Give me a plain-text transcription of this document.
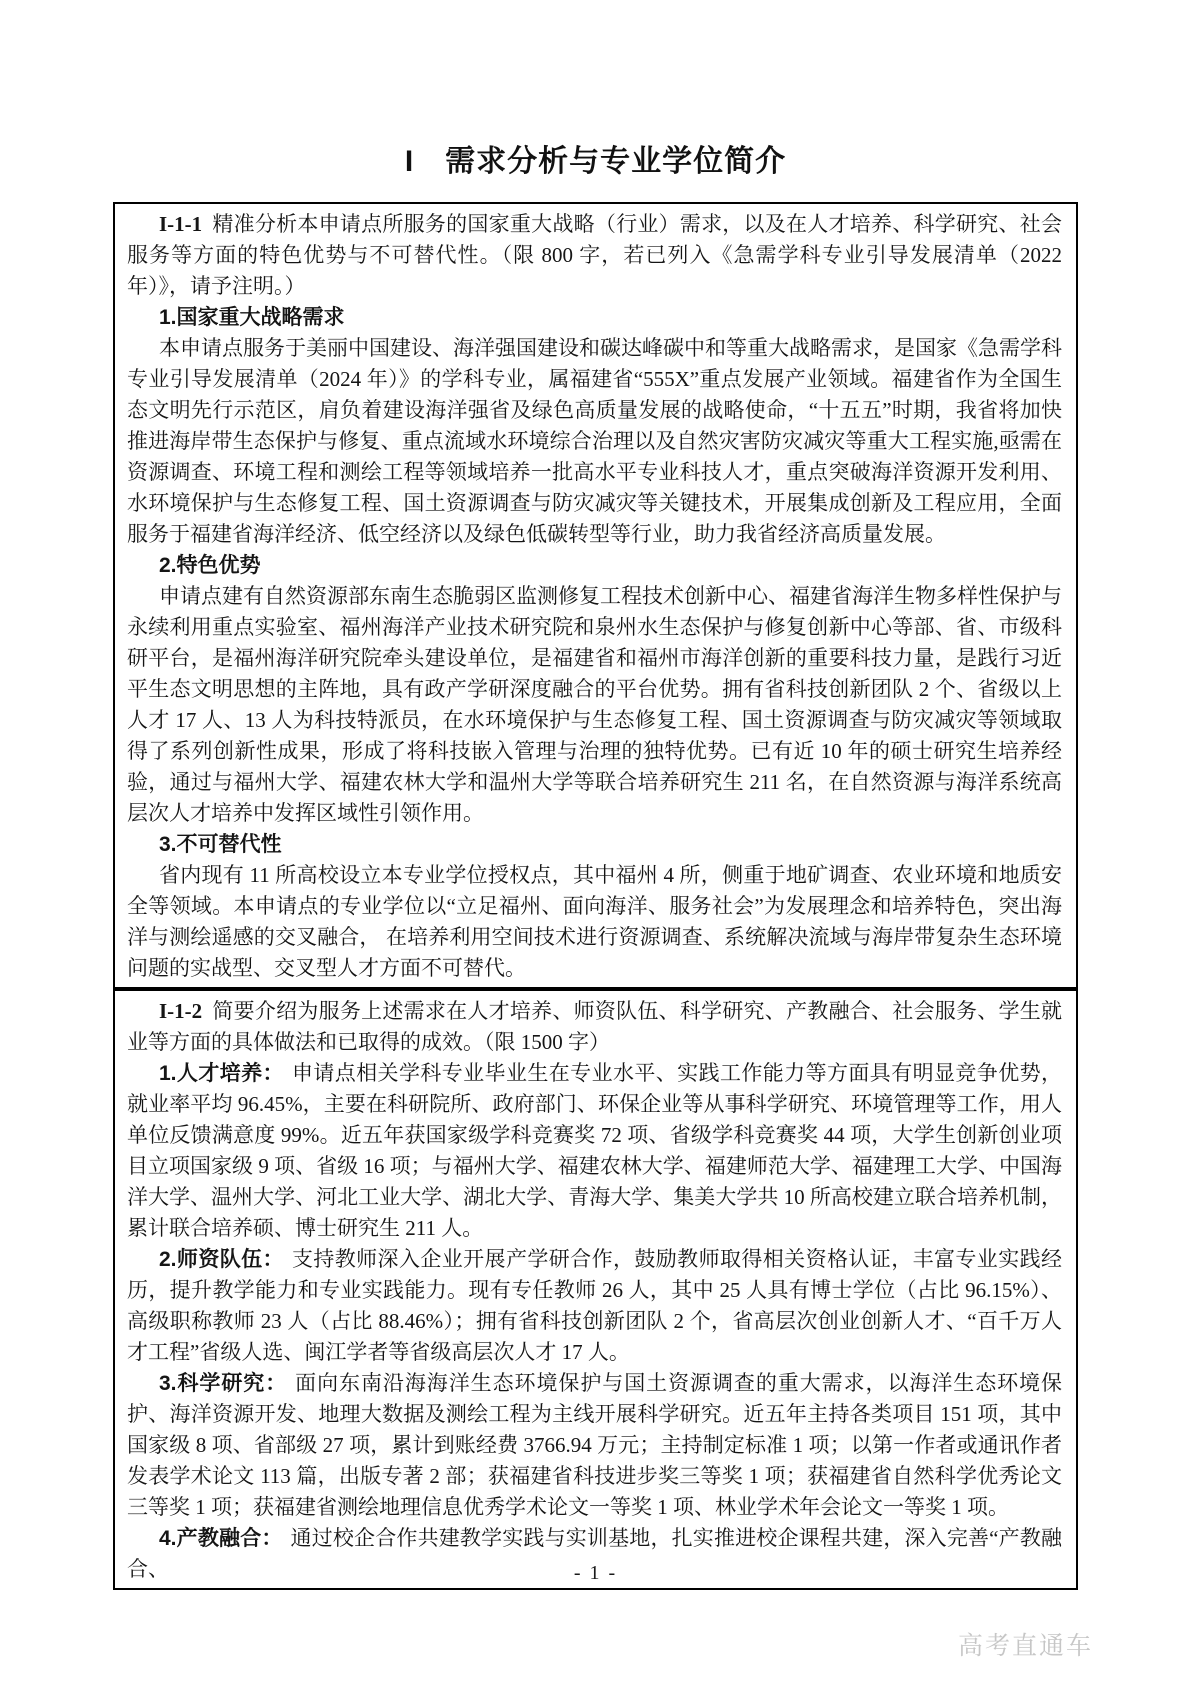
I　需求分析与专业学位简介

I-1-1 精准分析本申请点所服务的国家重大战略（行业）需求，以及在人才培养、科学研究、社会服务等方面的特色优势与不可替代性。（限 800 字，若已列入《急需学科专业引导发展清单（2022 年）》，请予注明。）

1.国家重大战略需求

本申请点服务于美丽中国建设、海洋强国建设和碳达峰碳中和等重大战略需求，是国家《急需学科专业引导发展清单（2024 年）》的学科专业，属福建省“555X”重点发展产业领域。福建省作为全国生态文明先行示范区，肩负着建设海洋强省及绿色高质量发展的战略使命，“十五五”时期，我省将加快推进海岸带生态保护与修复、重点流域水环境综合治理以及自然灾害防灾减灾等重大工程实施,亟需在资源调查、环境工程和测绘工程等领域培养一批高水平专业科技人才，重点突破海洋资源开发利用、水环境保护与生态修复工程、国土资源调查与防灾减灾等关键技术，开展集成创新及工程应用，全面服务于福建省海洋经济、低空经济以及绿色低碳转型等行业，助力我省经济高质量发展。

2.特色优势

申请点建有自然资源部东南生态脆弱区监测修复工程技术创新中心、福建省海洋生物多样性保护与永续利用重点实验室、福州海洋产业技术研究院和泉州水生态保护与修复创新中心等部、省、市级科研平台，是福州海洋研究院牵头建设单位，是福建省和福州市海洋创新的重要科技力量，是践行习近平生态文明思想的主阵地，具有政产学研深度融合的平台优势。拥有省科技创新团队 2 个、省级以上人才 17 人、13 人为科技特派员，在水环境保护与生态修复工程、国土资源调查与防灾减灾等领域取得了系列创新性成果，形成了将科技嵌入管理与治理的独特优势。已有近 10 年的硕士研究生培养经验，通过与福州大学、福建农林大学和温州大学等联合培养研究生 211 名，在自然资源与海洋系统高层次人才培养中发挥区域性引领作用。

3.不可替代性

省内现有 11 所高校设立本专业学位授权点，其中福州 4 所，侧重于地矿调查、农业环境和地质安全等领域。本申请点的专业学位以“立足福州、面向海洋、服务社会”为发展理念和培养特色，突出海洋与测绘遥感的交叉融合， 在培养利用空间技术进行资源调查、系统解决流域与海岸带复杂生态环境问题的实战型、交叉型人才方面不可替代。

I-1-2 简要介绍为服务上述需求在人才培养、师资队伍、科学研究、产教融合、社会服务、学生就业等方面的具体做法和已取得的成效。（限 1500 字）

1.人才培养： 申请点相关学科专业毕业生在专业水平、实践工作能力等方面具有明显竞争优势，就业率平均 96.45%，主要在科研院所、政府部门、环保企业等从事科学研究、环境管理等工作，用人单位反馈满意度 99%。近五年获国家级学科竞赛奖 72 项、省级学科竞赛奖 44 项，大学生创新创业项目立项国家级 9 项、省级 16 项；与福州大学、福建农林大学、福建师范大学、福建理工大学、中国海洋大学、温州大学、河北工业大学、湖北大学、青海大学、集美大学共 10 所高校建立联合培养机制，累计联合培养硕、博士研究生 211 人。

2.师资队伍： 支持教师深入企业开展产学研合作，鼓励教师取得相关资格认证，丰富专业实践经历，提升教学能力和专业实践能力。现有专任教师 26 人，其中 25 人具有博士学位（占比 96.15%）、高级职称教师 23 人（占比 88.46%）；拥有省科技创新团队 2 个，省高层次创业创新人才、“百千万人才工程”省级人选、闽江学者等省级高层次人才 17 人。

3.科学研究： 面向东南沿海海洋生态环境保护与国土资源调查的重大需求，以海洋生态环境保护、海洋资源开发、地理大数据及测绘工程为主线开展科学研究。近五年主持各类项目 151 项，其中国家级 8 项、省部级 27 项，累计到账经费 3766.94 万元；主持制定标准 1 项；以第一作者或通讯作者发表学术论文 113 篇，出版专著 2 部；获福建省科技进步奖三等奖 1 项；获福建省自然科学优秀论文三等奖 1 项；获福建省测绘地理信息优秀学术论文一等奖 1 项、林业学术年会论文一等奖 1 项。

4.产教融合： 通过校企合作共建教学实践与实训基地，扎实推进校企课程共建，深入完善“产教融合、	- 1 -
高考直通车
